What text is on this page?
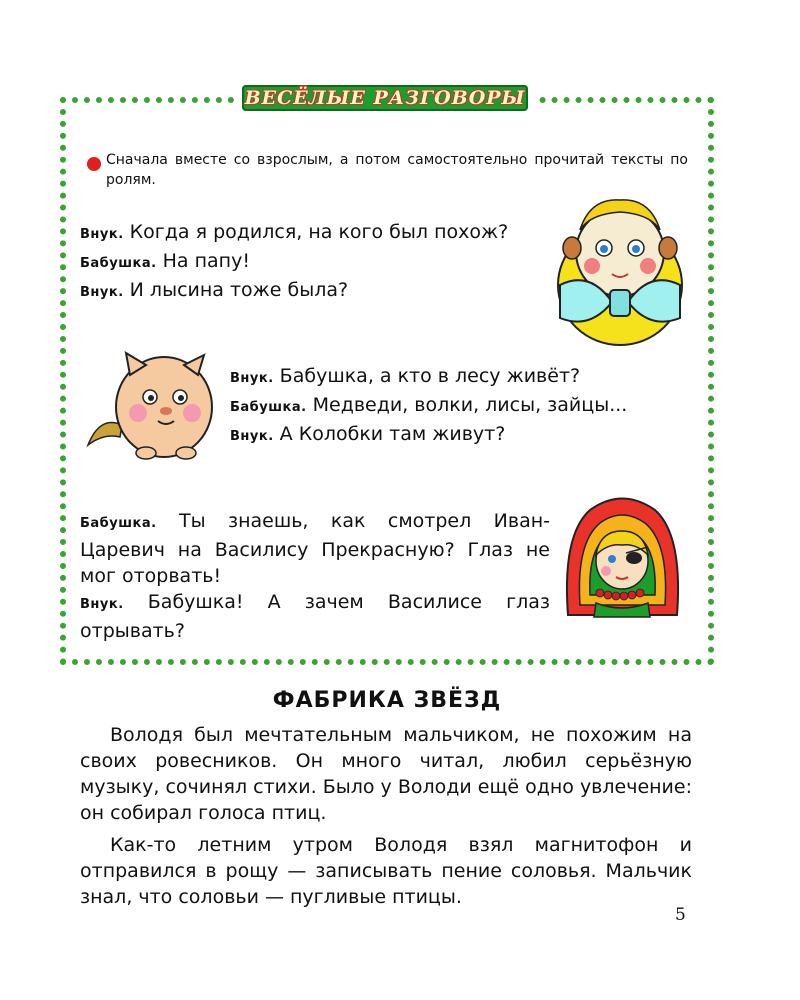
ВЕСЁЛЫЕ РАЗГОВОРЫ
Сначала вместе со взрослым, а потом самостоятельно прочитай тексты по ролям.
Внук. Когда я родился, на кого был похож?
Бабушка. На папу!
Внук. И лысина тоже была?
Внук. Бабушка, а кто в лесу живёт?
Бабушка. Медведи, волки, лисы, зайцы...
Внук. А Колобки там живут?
Бабушка. Ты знаешь, как смотрел Иван-Царевич на Василису Прекрасную? Глаз не мог оторвать!
Внук. Бабушка! А зачем Василисе глаз отрывать?
ФАБРИКА ЗВЁЗД

Володя был мечтательным мальчиком, не похожим на своих ровесников. Он много читал, любил серьёзную музыку, сочинял стихи. Было у Володи ещё одно увлечение: он собирал голоса птиц.

Как-то летним утром Володя взял магнитофон и отправился в рощу — записывать пение соловья. Мальчик знал, что соловьи — пугливые птицы.

5
